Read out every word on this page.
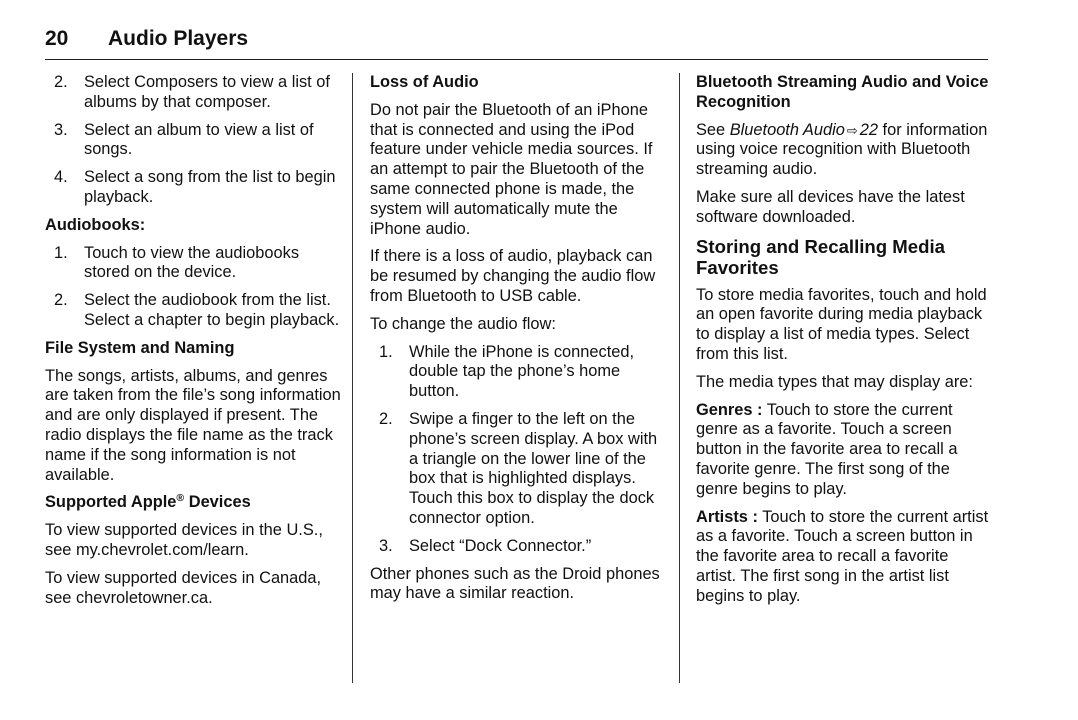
20 Audio Players
2. Select Composers to view a list of albums by that composer.
3. Select an album to view a list of songs.
4. Select a song from the list to begin playback.
Audiobooks:
1. Touch to view the audiobooks stored on the device.
2. Select the audiobook from the list. Select a chapter to begin playback.
File System and Naming

The songs, artists, albums, and genres are taken from the file’s song information and are only displayed if present. The radio displays the file name as the track name if the song information is not available.

Supported Apple® Devices

To view supported devices in the U.S., see my.chevrolet.com/learn.

To view supported devices in Canada, see chevroletowner.ca.

Loss of Audio

Do not pair the Bluetooth of an iPhone that is connected and using the iPod feature under vehicle media sources. If an attempt to pair the Bluetooth of the same connected phone is made, the system will automatically mute the iPhone audio.

If there is a loss of audio, playback can be resumed by changing the audio flow from Bluetooth to USB cable.

To change the audio flow:

1. While the iPhone is connected, double tap the phone’s home button.
2. Swipe a finger to the left on the phone’s screen display. A box with a triangle on the lower line of the box that is highlighted displays. Touch this box to display the dock connector option.
3. Select “Dock Connector.”

Other phones such as the Droid phones may have a similar reaction.

Bluetooth Streaming Audio and Voice Recognition

See Bluetooth Audio ⇨ 22 for information using voice recognition with Bluetooth streaming audio.

Make sure all devices have the latest software downloaded.

Storing and Recalling Media Favorites

To store media favorites, touch and hold an open favorite during media playback to display a list of media types. Select from this list.

The media types that may display are:

Genres : Touch to store the current genre as a favorite. Touch a screen button in the favorite area to recall a favorite genre. The first song of the genre begins to play.

Artists : Touch to store the current artist as a favorite. Touch a screen button in the favorite area to recall a favorite artist. The first song in the artist list begins to play.
